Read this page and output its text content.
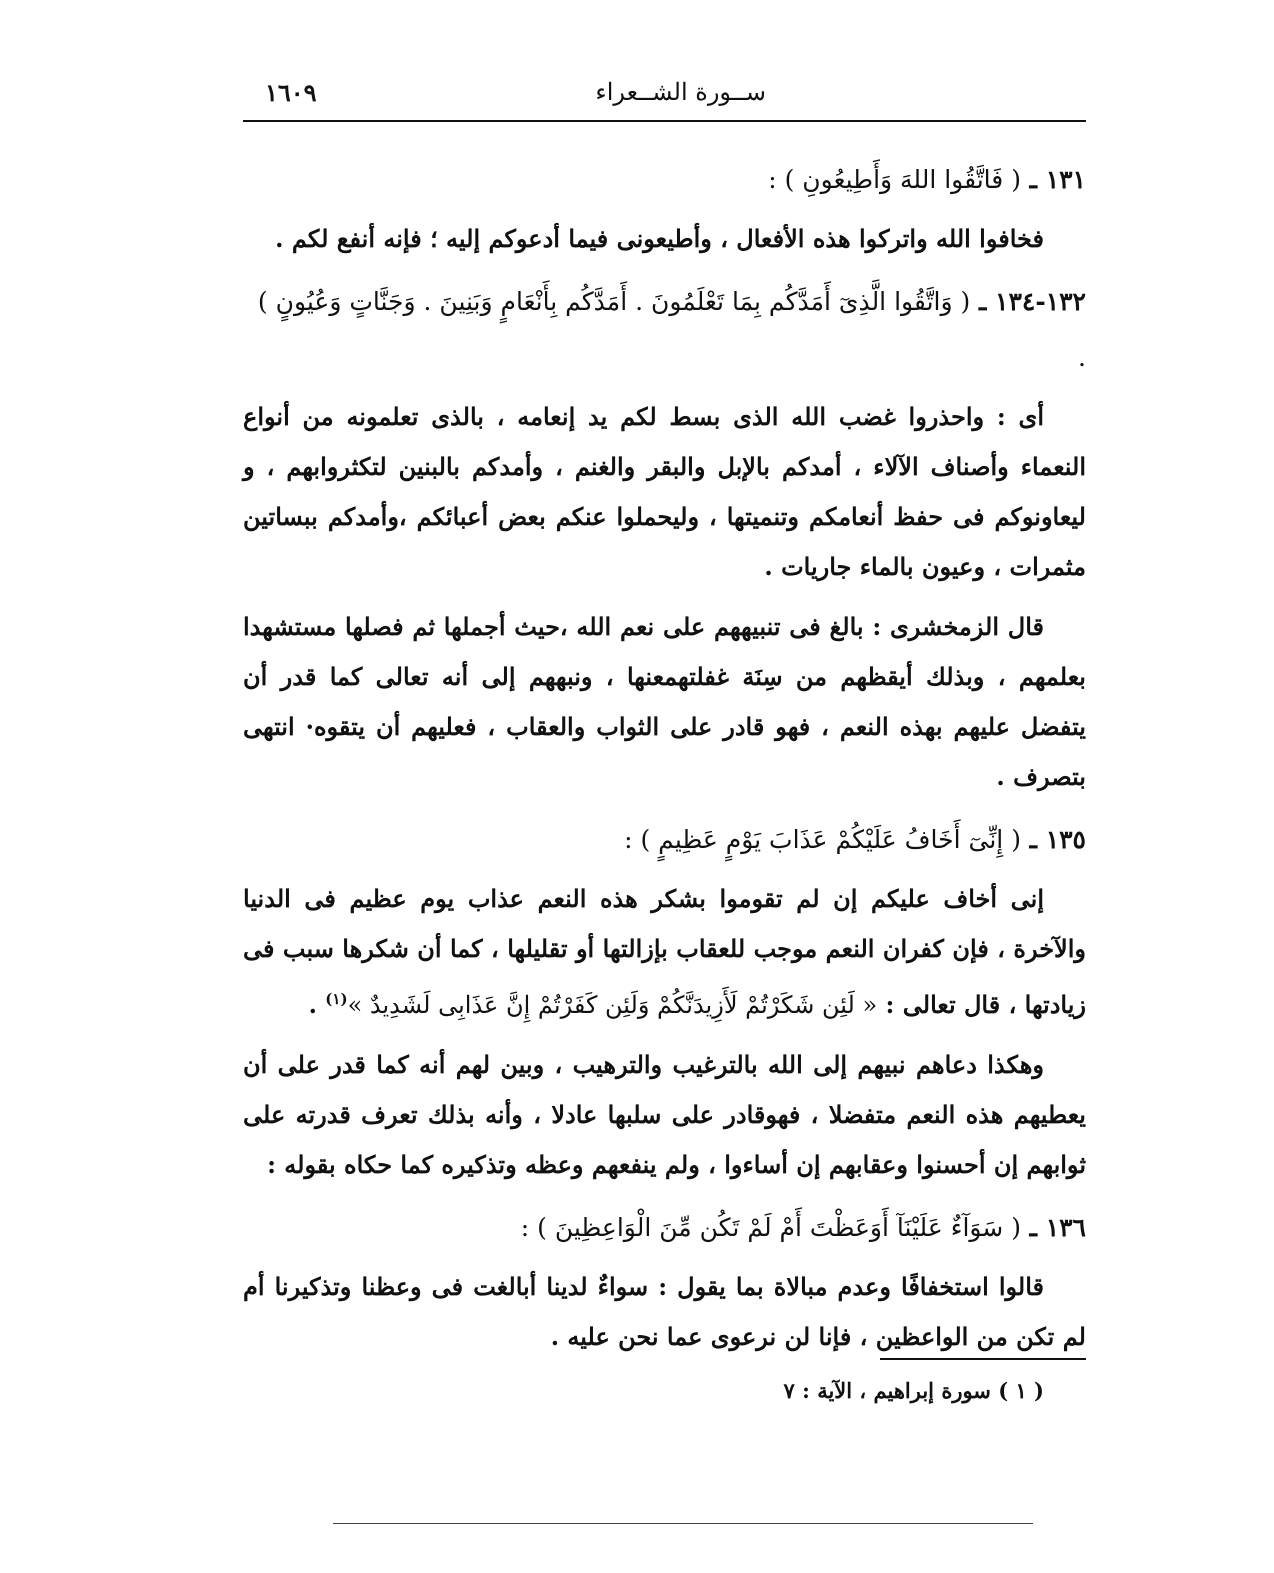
ســورة الشــعراء
١٦٠٩
١٣١ ـ ( فَاتَّقُوا اللهَ وَأَطِيعُونِ ) :

فخافوا الله واتركوا هذه الأفعال ، وأطيعونى فيما أدعوكم إليه ؛ فإنه أنفع لكم .

١٣٢-١٣٤ ـ ( وَاتَّقُوا الَّذِىٓ أَمَدَّكُم بِمَا تَعْلَمُونَ . أَمَدَّكُم بِأَنْعَامٍ وَبَنِينَ . وَجَنَّاتٍ وَعُيُونٍ ) .

أى : واحذروا غضب الله الذى بسط لكم يد إنعامه ، بالذى تعلمونه من أنواع النعماء وأصناف الآلاء ، أمدكم بالإبل والبقر والغنم ، وأمدكم بالبنين لتكثروابهم ، و ليعاونوكم فى حفظ أنعامكم وتنميتها ، وليحملوا عنكم بعض أعبائكم ،وأمدكم ببساتين مثمرات ، وعيون بالماء جاريات .

قال الزمخشرى : بالغ فى تنبيههم على نعم الله ،حيث أجملها ثم فصلها مستشهدا بعلمهم ، وبذلك أيقظهم من سِنَة غفلتهمعنها ، ونبههم إلى أنه تعالى كما قدر أن يتفضل عليهم بهذه النعم ، فهو قادر على الثواب والعقاب ، فعليهم أن يتقوه· انتهى بتصرف .

١٣٥ ـ ( إِنِّىٓ أَخَافُ عَلَيْكُمْ عَذَابَ يَوْمٍ عَظِيمٍ ) :

إنى أخاف عليكم إن لم تقوموا بشكر هذه النعم عذاب يوم عظيم فى الدنيا والآخرة ، فإن كفران النعم موجب للعقاب بإزالتها أو تقليلها ، كما أن شكرها سبب فى زيادتها ، قال تعالى : « لَئِن شَكَرْتُمْ لَأَزِيدَنَّكُمْ وَلَئِن كَفَرْتُمْ إِنَّ عَذَابِى لَشَدِيدٌ »$^{(١)}$ .

وهكذا دعاهم نبيهم إلى الله بالترغيب والترهيب ، وبين لهم أنه كما قدر على أن يعطيهم هذه النعم متفضلا ، فهوقادر على سلبها عادلا ، وأنه بذلك تعرف قدرته على ثوابهم إن أحسنوا وعقابهم إن أساءوا ، ولم ينفعهم وعظه وتذكيره كما حكاه بقوله :

١٣٦ ـ ( سَوَآءٌ عَلَيْنَآ أَوَعَظْتَ أَمْ لَمْ تَكُن مِّنَ الْوَاعِظِينَ ) :

قالوا استخفافًا وعدم مبالاة بما يقول : سواءٌ لدينا أبالغت فى وعظنا وتذكيرنا أم لم تكن من الواعظين ، فإنا لن نرعوى عما نحن عليه .

( ١ ) سورة إبراهيم ، الآية : ٧
